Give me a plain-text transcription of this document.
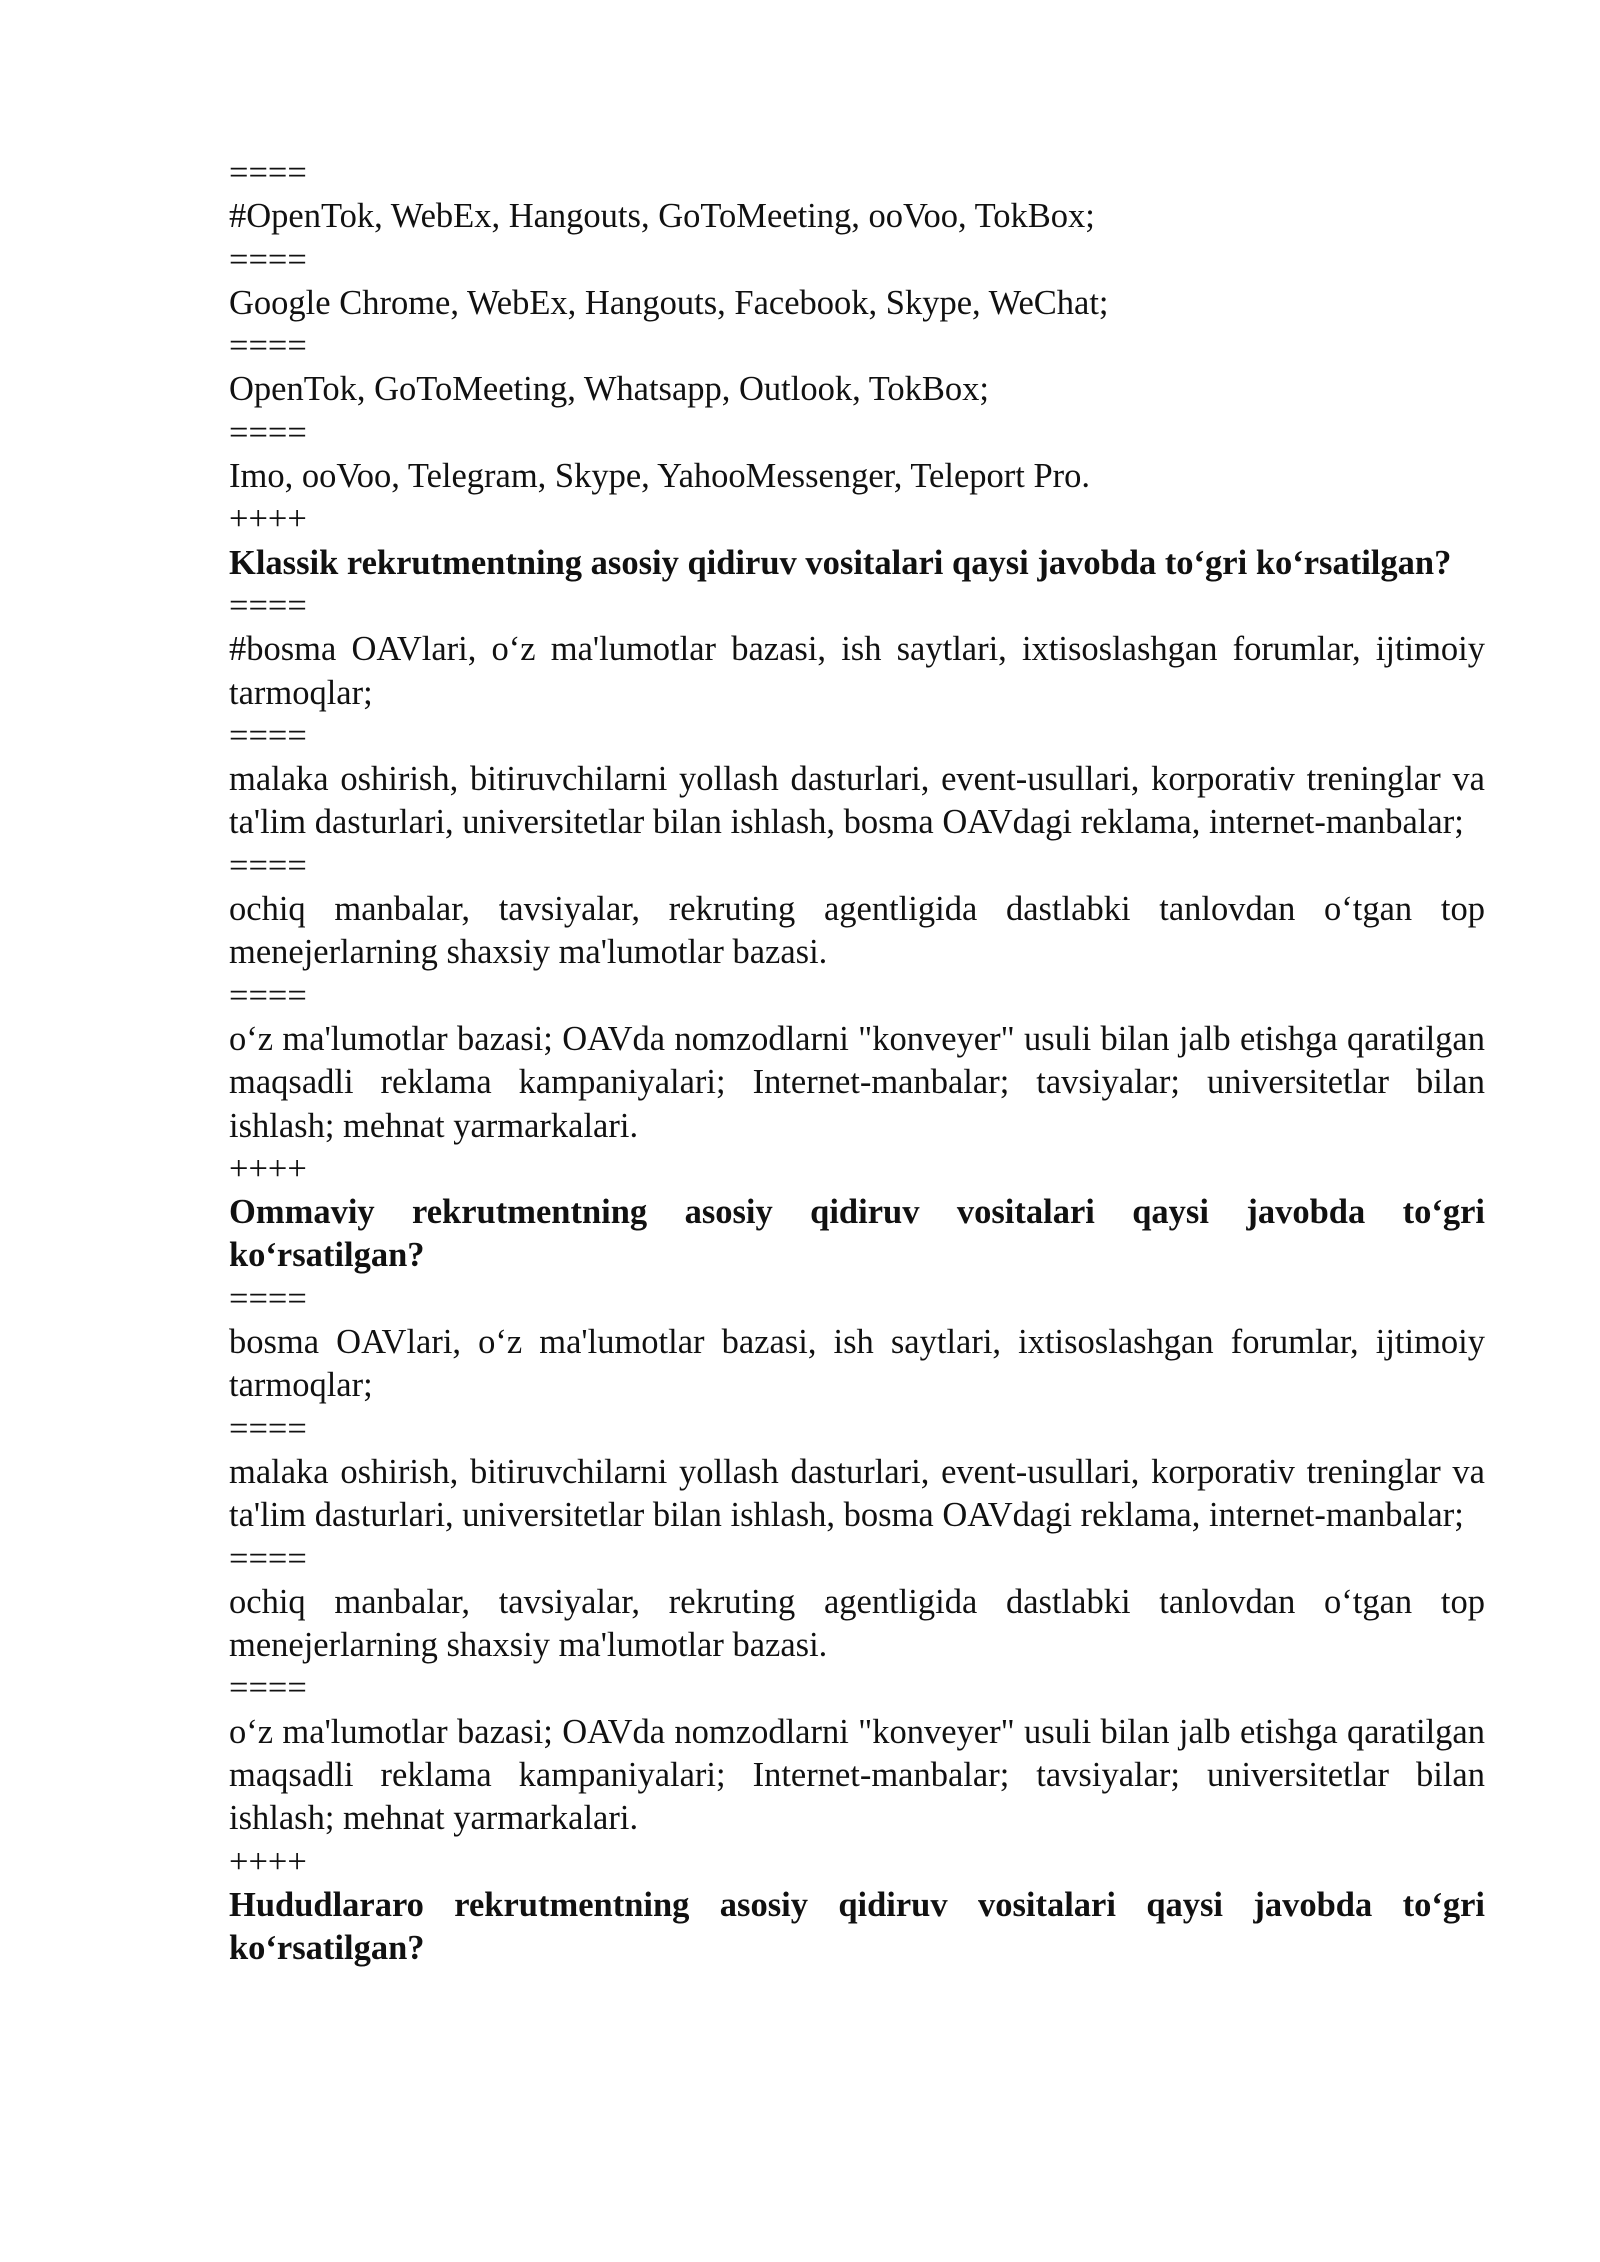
====

#OpenTok, WebEx, Hangouts, GoToMeeting, ooVoo, TokBox;

====

Google Chrome, WebEx, Hangouts, Facebook, Skype, WeChat;

====

OpenTok, GoToMeeting, Whatsapp, Outlook, TokBox;

====

Imo, ooVoo, Telegram, Skype, YahooMessenger, Teleport Pro.

++++

Klassik rekrutmentning asosiy qidiruv vositalari qaysi javobda to‘gri ko‘rsatilgan?

====

#bosma OAVlari, o‘z ma'lumotlar bazasi, ish saytlari, ixtisoslashgan forumlar, ijtimoiy tarmoqlar;

====

malaka oshirish, bitiruvchilarni yollash dasturlari, event-usullari, korporativ treninglar va ta'lim dasturlari, universitetlar bilan ishlash, bosma OAVdagi reklama, internet-manbalar;

====

ochiq manbalar, tavsiyalar, rekruting agentligida dastlabki tanlovdan o‘tgan top menejerlarning shaxsiy ma'lumotlar bazasi.

====

o‘z ma'lumotlar bazasi; OAVda nomzodlarni "konveyer" usuli bilan jalb etishga qaratilgan maqsadli reklama kampaniyalari; Internet-manbalar; tavsiyalar; universitetlar bilan ishlash; mehnat yarmarkalari.

++++

Ommaviy rekrutmentning asosiy qidiruv vositalari qaysi javobda to‘gri ko‘rsatilgan?

====

bosma OAVlari, o‘z ma'lumotlar bazasi, ish saytlari, ixtisoslashgan forumlar, ijtimoiy tarmoqlar;

====

malaka oshirish, bitiruvchilarni yollash dasturlari, event-usullari, korporativ treninglar va ta'lim dasturlari, universitetlar bilan ishlash, bosma OAVdagi reklama, internet-manbalar;

====

ochiq manbalar, tavsiyalar, rekruting agentligida dastlabki tanlovdan o‘tgan top menejerlarning shaxsiy ma'lumotlar bazasi.

====

o‘z ma'lumotlar bazasi; OAVda nomzodlarni "konveyer" usuli bilan jalb etishga qaratilgan maqsadli reklama kampaniyalari; Internet-manbalar; tavsiyalar; universitetlar bilan ishlash; mehnat yarmarkalari.

++++

Hududlararo rekrutmentning asosiy qidiruv vositalari qaysi javobda to‘gri ko‘rsatilgan?
